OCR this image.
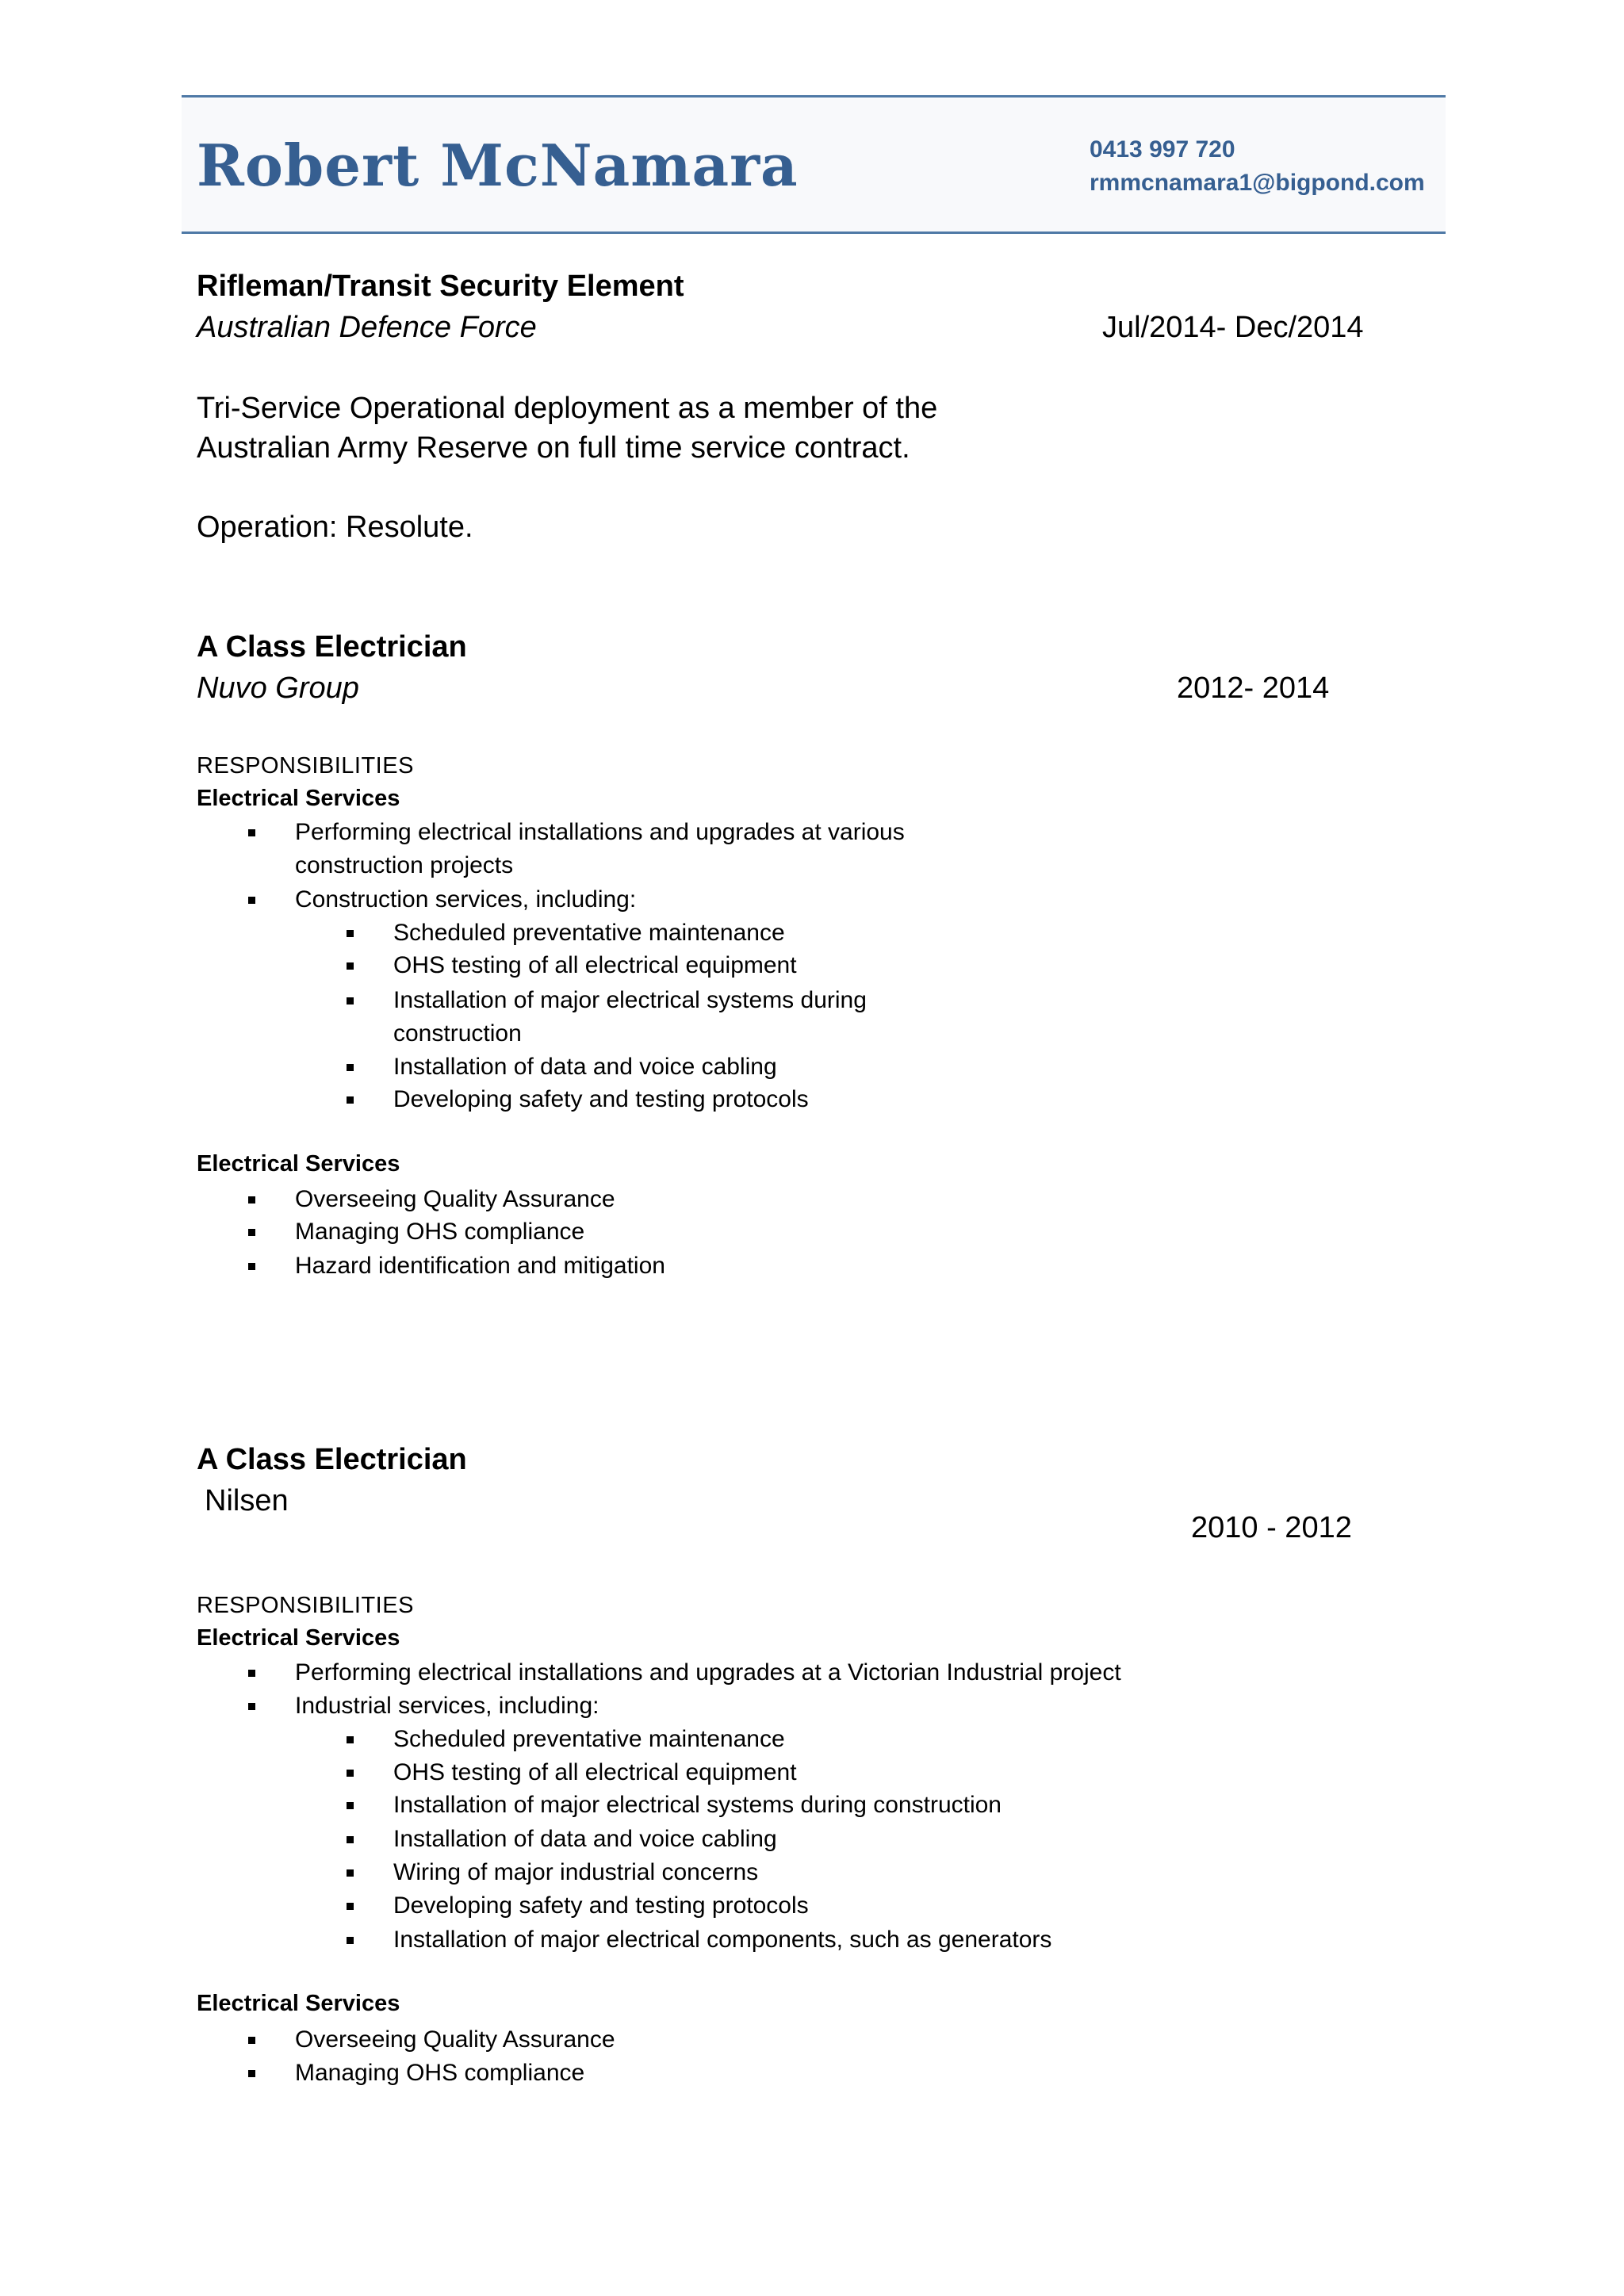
Robert McNamara	0413 997 720
rmmcnamara1@bigpond.com
Rifleman/Transit Security Element
Australian Defence Force	Jul/2014- Dec/2014
Tri-Service Operational deployment as a member of the
Australian Army Reserve on full time service contract.
Operation: Resolute.
A Class Electrician
Nuvo Group	2012- 2014
RESPONSIBILITIES
Electrical Services
Performing electrical installations and upgrades at various
construction projects
Construction services, including:
Scheduled preventative maintenance
OHS testing of all electrical equipment
Installation of major electrical systems during
construction
Installation of data and voice cabling
Developing safety and testing protocols
Electrical Services
Overseeing Quality Assurance
Managing OHS compliance
Hazard identification and mitigation
A Class Electrician
Nilsen
2010 - 2012
RESPONSIBILITIES
Electrical Services
Performing electrical installations and upgrades at a Victorian Industrial project
Industrial services, including:
Scheduled preventative maintenance
OHS testing of all electrical equipment
Installation of major electrical systems during construction
Installation of data and voice cabling
Wiring of major industrial concerns
Developing safety and testing protocols
Installation of major electrical components, such as generators
Electrical Services
Overseeing Quality Assurance
Managing OHS compliance
